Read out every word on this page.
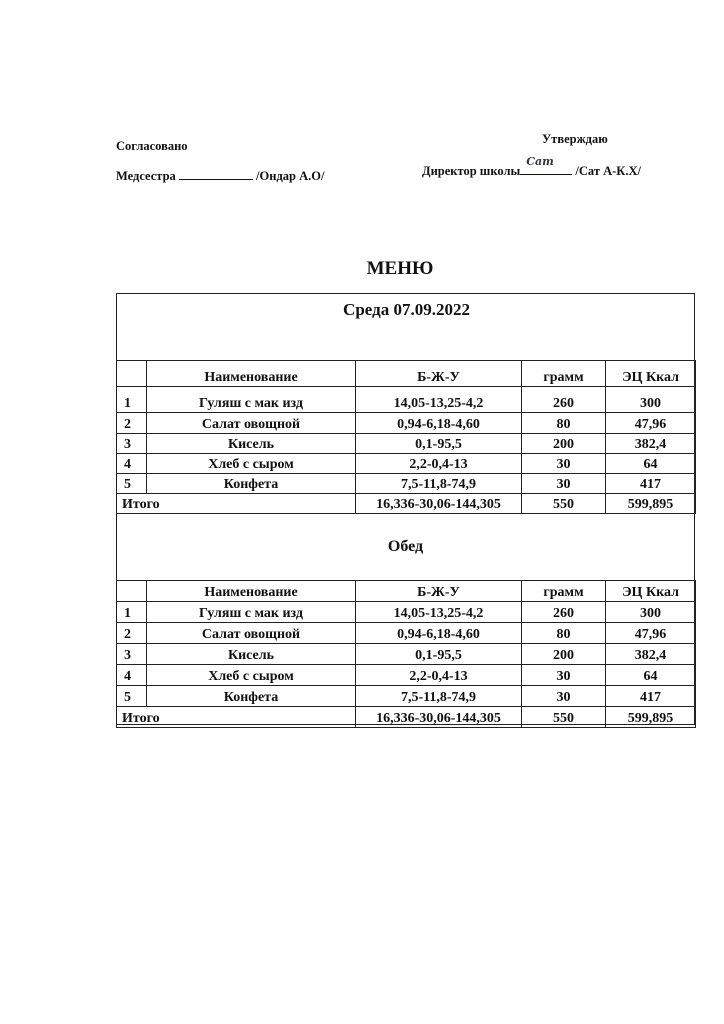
Согласовано	Утверждаю
Медсестра	/Ондар А.О/	Директор школы
Сат
/Сат А-К.Х/
МЕНЮ
Среда 07.09.2022
	Наименование	Б-Ж-У	грамм	ЭЦ Ккал
1	Гуляш с мак изд	14,05-13,25-4,2	260	300
2	Салат овощной	0,94-6,18-4,60	80	47,96
3	Кисель	0,1-95,5	200	382,4
4	Хлеб с сыром	2,2-0,4-13	30	64
5	Конфета	7,5-11,8-74,9	30	417
Итого		16,336-30,06-144,305	550	599,895
Обед
	Наименование	Б-Ж-У	грамм	ЭЦ Ккал
1	Гуляш с мак изд	14,05-13,25-4,2	260	300
2	Салат овощной	0,94-6,18-4,60	80	47,96
3	Кисель	0,1-95,5	200	382,4
4	Хлеб с сыром	2,2-0,4-13	30	64
5	Конфета	7,5-11,8-74,9	30	417
Итого		16,336-30,06-144,305	550	599,895
